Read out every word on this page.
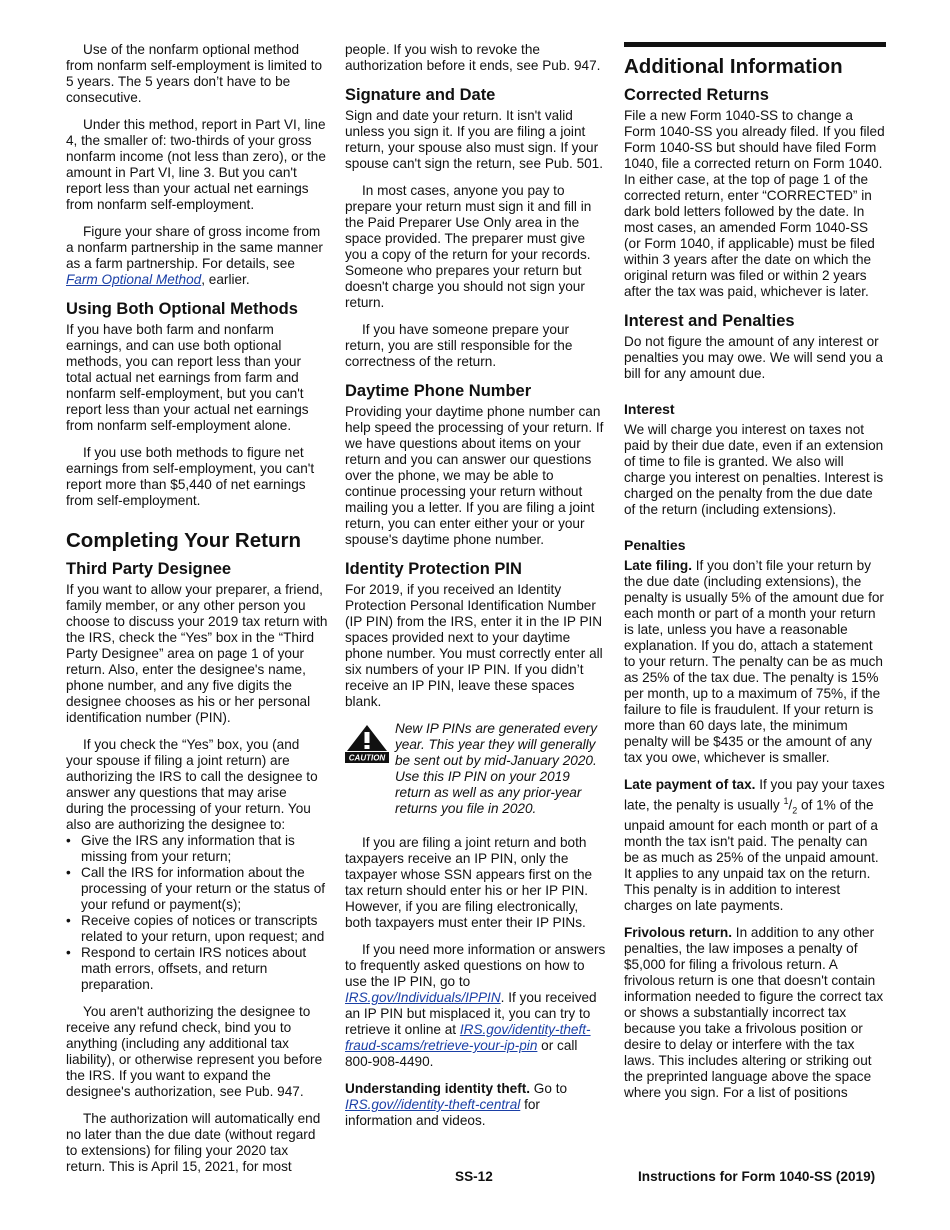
Use of the nonfarm optional method from nonfarm self-employment is limited to 5 years. The 5 years don’t have to be consecutive.

Under this method, report in Part VI, line 4, the smaller of: two-thirds of your gross nonfarm income (not less than zero), or the amount in Part VI, line 3. But you can't report less than your actual net earnings from nonfarm self-employment.

Figure your share of gross income from a nonfarm partnership in the same manner as a farm partnership. For details, see Farm Optional Method, earlier.

Using Both Optional Methods

If you have both farm and nonfarm earnings, and can use both optional methods, you can report less than your total actual net earnings from farm and nonfarm self-employment, but you can't report less than your actual net earnings from nonfarm self-employment alone.

If you use both methods to figure net earnings from self-employment, you can't report more than $5,440 of net earnings from self-employment.

Completing Your Return
Third Party Designee

If you want to allow your preparer, a friend, family member, or any other person you choose to discuss your 2019 tax return with the IRS, check the “Yes” box in the “Third Party Designee” area on page 1 of your return. Also, enter the designee's name, phone number, and any five digits the designee chooses as his or her personal identification number (PIN).

If you check the “Yes” box, you (and your spouse if filing a joint return) are authorizing the IRS to call the designee to answer any questions that may arise during the processing of your return. You also are authorizing the designee to:

• Give the IRS any information that is missing from your return;

• Call the IRS for information about the processing of your return or the status of your refund or payment(s);

• Receive copies of notices or transcripts related to your return, upon request; and

• Respond to certain IRS notices about math errors, offsets, and return preparation.

You aren't authorizing the designee to receive any refund check, bind you to anything (including any additional tax liability), or otherwise represent you before the IRS. If you want to expand the designee's authorization, see Pub. 947.

The authorization will automatically end no later than the due date (without regard to extensions) for filing your 2020 tax return. This is April 15, 2021, for most

people. If you wish to revoke the authorization before it ends, see Pub. 947.

Signature and Date

Sign and date your return. It isn't valid unless you sign it. If you are filing a joint return, your spouse also must sign. If your spouse can't sign the return, see Pub. 501.

In most cases, anyone you pay to prepare your return must sign it and fill in the Paid Preparer Use Only area in the space provided. The preparer must give you a copy of the return for your records. Someone who prepares your return but doesn't charge you should not sign your return.

If you have someone prepare your return, you are still responsible for the correctness of the return.

Daytime Phone Number

Providing your daytime phone number can help speed the processing of your return. If we have questions about items on your return and you can answer our questions over the phone, we may be able to continue processing your return without mailing you a letter. If you are filing a joint return, you can enter either your or your spouse's daytime phone number.

Identity Protection PIN

For 2019, if you received an Identity Protection Personal Identification Number (IP PIN) from the IRS, enter it in the IP PIN spaces provided next to your daytime phone number. You must correctly enter all six numbers of your IP PIN. If you didn’t receive an IP PIN, leave these spaces blank.

CAUTION
New IP PINs are generated every year. This year they will generally be sent out by mid-January 2020. Use this IP PIN on your 2019 return as well as any prior-year returns you file in 2020.

If you are filing a joint return and both taxpayers receive an IP PIN, only the taxpayer whose SSN appears first on the tax return should enter his or her IP PIN. However, if you are filing electronically, both taxpayers must enter their IP PINs.

If you need more information or answers to frequently asked questions on how to use the IP PIN, go to IRS.gov/Individuals/IPPIN. If you received an IP PIN but misplaced it, you can try to retrieve it online at IRS.gov/identity-theft-fraud-scams/retrieve-your-ip-pin or call 800-908-4490.

Understanding identity theft. Go to IRS.gov//identity-theft-central for information and videos.

Additional Information
Corrected Returns

File a new Form 1040-SS to change a Form 1040-SS you already filed. If you filed Form 1040-SS but should have filed Form 1040, file a corrected return on Form 1040. In either case, at the top of page 1 of the corrected return, enter “CORRECTED” in dark bold letters followed by the date. In most cases, an amended Form 1040-SS (or Form 1040, if applicable) must be filed within 3 years after the date on which the original return was filed or within 2 years after the tax was paid, whichever is later.

Interest and Penalties

Do not figure the amount of any interest or penalties you may owe. We will send you a bill for any amount due.

Interest

We will charge you interest on taxes not paid by their due date, even if an extension of time to file is granted. We also will charge you interest on penalties. Interest is charged on the penalty from the due date of the return (including extensions).

Penalties

Late filing. If you don’t file your return by the due date (including extensions), the penalty is usually 5% of the amount due for each month or part of a month your return is late, unless you have a reasonable explanation. If you do, attach a statement to your return. The penalty can be as much as 25% of the tax due. The penalty is 15% per month, up to a maximum of 75%, if the failure to file is fraudulent. If your return is more than 60 days late, the minimum penalty will be $435 or the amount of any tax you owe, whichever is smaller.

Late payment of tax. If you pay your taxes late, the penalty is usually $^1/_2$ of 1% of the unpaid amount for each month or part of a month the tax isn't paid. The penalty can be as much as 25% of the unpaid amount. It applies to any unpaid tax on the return. This penalty is in addition to interest charges on late payments.

Frivolous return. In addition to any other penalties, the law imposes a penalty of $5,000 for filing a frivolous return. A frivolous return is one that doesn't contain information needed to figure the correct tax or shows a substantially incorrect tax because you take a frivolous position or desire to delay or interfere with the tax laws. This includes altering or striking out the preprinted language above the space where you sign. For a list of positions

SS-12	Instructions for Form 1040-SS (2019)
